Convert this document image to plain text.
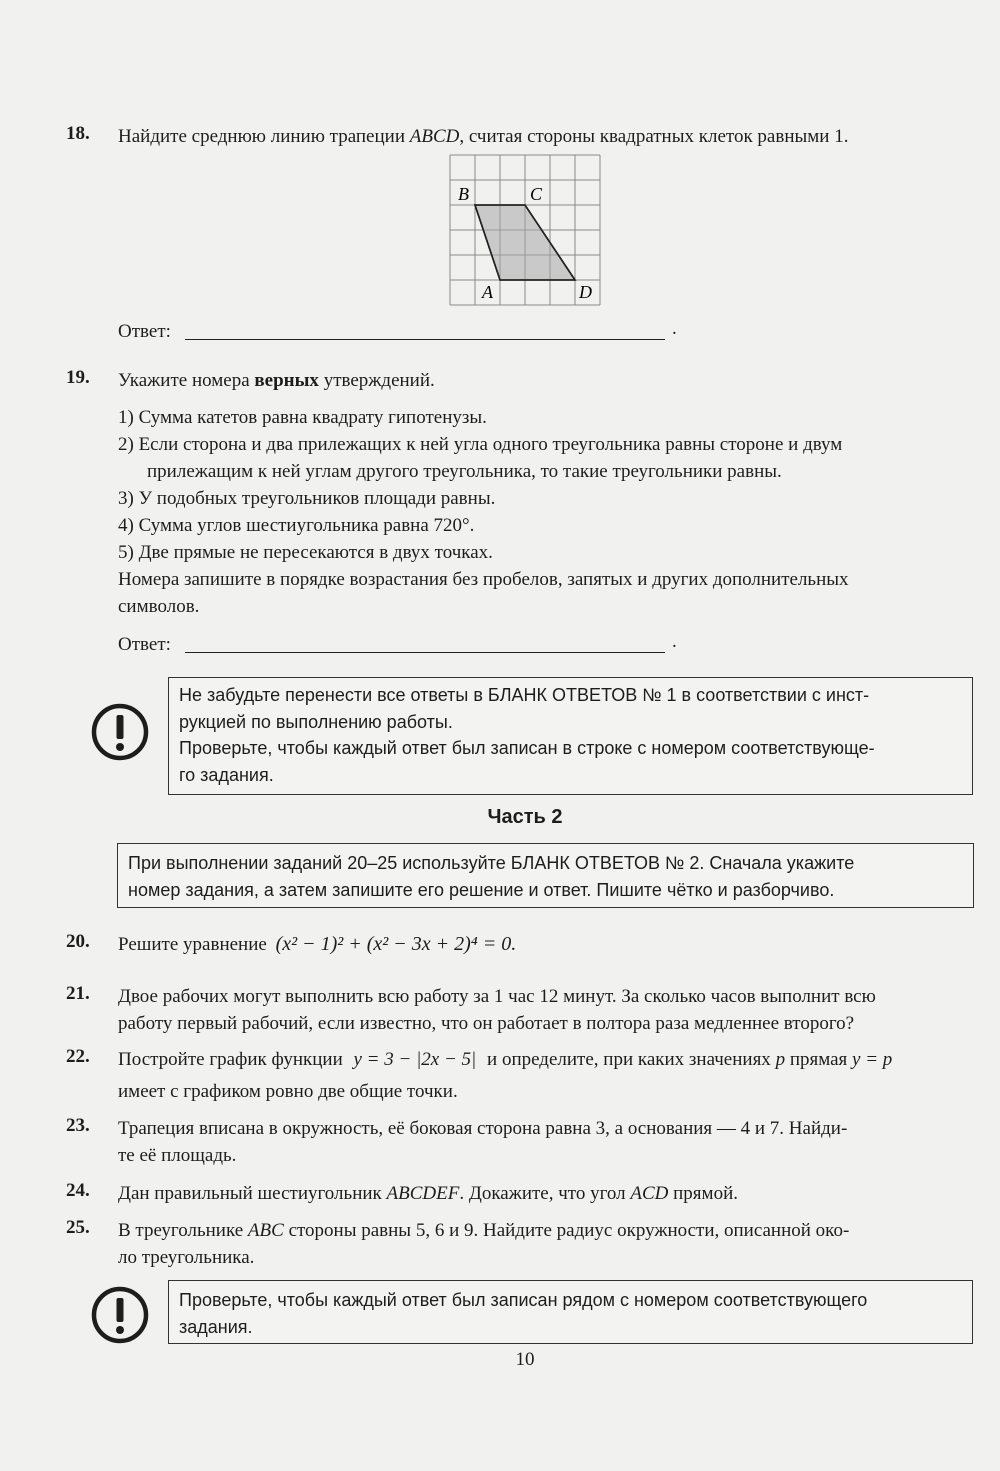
18. Найдите среднюю линию трапеции ABCD, считая стороны квадратных клеток равными 1.
B	C
A	D
Ответ:	.
19. Укажите номера верных утверждений.
1) Сумма катетов равна квадрату гипотенузы.
2) Если сторона и два прилежащих к ней угла одного треугольника равны стороне и двум
прилежащим к ней углам другого треугольника, то такие треугольники равны.
3) У подобных треугольников площади равны.
4) Сумма углов шестиугольника равна 720°.
5) Две прямые не пересекаются в двух точках.
Номера запишите в порядке возрастания без пробелов, запятых и других дополнительных
символов.
Ответ:	.
Не забудьте перенести все ответы в БЛАНК ОТВЕТОВ № 1 в соответствии с инст-
рукцией по выполнению работы.
Проверьте, чтобы каждый ответ был записан в строке с номером соответствующе-
го задания.
Часть 2
При выполнении заданий 20–25 используйте БЛАНК ОТВЕТОВ № 2. Сначала укажите
номер задания, а затем запишите его решение и ответ. Пишите чётко и разборчиво.
20. Решите уравнение (x² − 1)² + (x² − 3x + 2)⁴ = 0.
21. Двое рабочих могут выполнить всю работу за 1 час 12 минут. За сколько часов выполнит всю
работу первый рабочий, если известно, что он работает в полтора раза медленнее второго?
22. Постройте график функции y = 3 − |2x − 5| и определите, при каких значениях p прямая y = p
имеет с графиком ровно две общие точки.
23. Трапеция вписана в окружность, её боковая сторона равна 3, а основания — 4 и 7. Найди-
те её площадь.
24. Дан правильный шестиугольник ABCDEF. Докажите, что угол ACD прямой.
25. В треугольнике ABC стороны равны 5, 6 и 9. Найдите радиус окружности, описанной око-
ло треугольника.
Проверьте, чтобы каждый ответ был записан рядом с номером соответствующего
задания.
10
